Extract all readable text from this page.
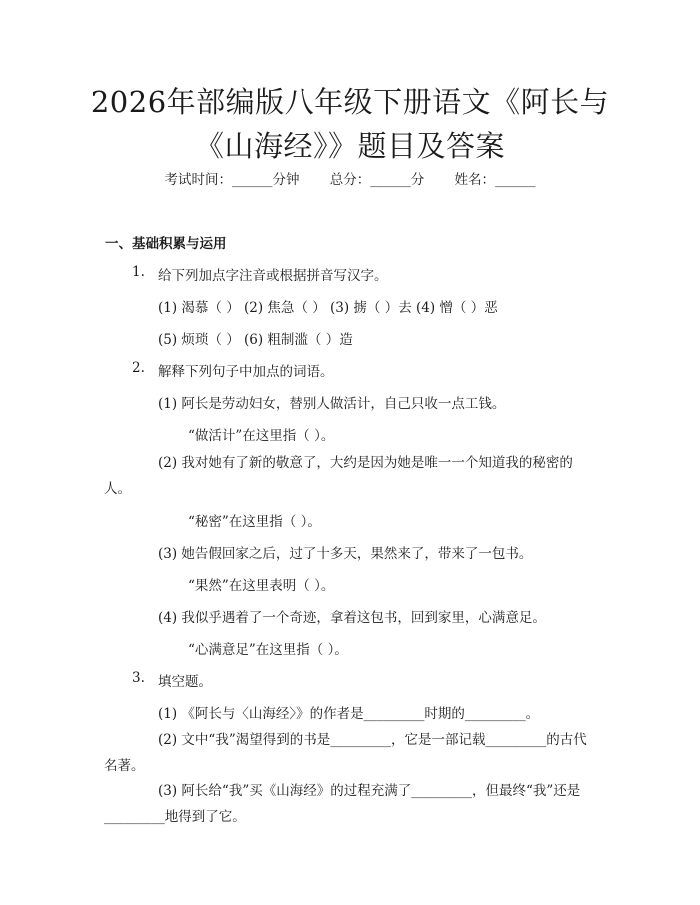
2026年部编版八年级下册语文《阿长与《山海经》》题目及答案
考试时间：______分钟 总分：______分 姓名：______
一、基础积累与运用
1. 给下列加点字注音或根据拼音写汉字。
(1) 渴慕（ ） (2) 焦急（ ） (3) 掳（ ）去 (4) 憎（ ）恶
(5) 烦琐（ ） (6) 粗制滥（ ）造
2. 解释下列句子中加点的词语。
(1) 阿长是劳动妇女，替别人做活计，自己只收一点工钱。
“做活计”在这里指（ ）。
(2) 我对她有了新的敬意了，大约是因为她是唯一一个知道我的秘密的人。
“秘密”在这里指（ ）。
(3) 她告假回家之后，过了十多天，果然来了，带来了一包书。
“果然”在这里表明（ ）。
(4) 我似乎遇着了一个奇迹，拿着这包书，回到家里，心满意足。
“心满意足”在这里指（ ）。
3. 填空题。
(1) 《阿长与〈山海经〉》的作者是_________时期的_________。
(2) 文中“我”渴望得到的书是_________，它是一部记载_________的古代名著。
(3) 阿长给“我”买《山海经》的过程充满了_________，但最终“我”还是_________地得到了它。
